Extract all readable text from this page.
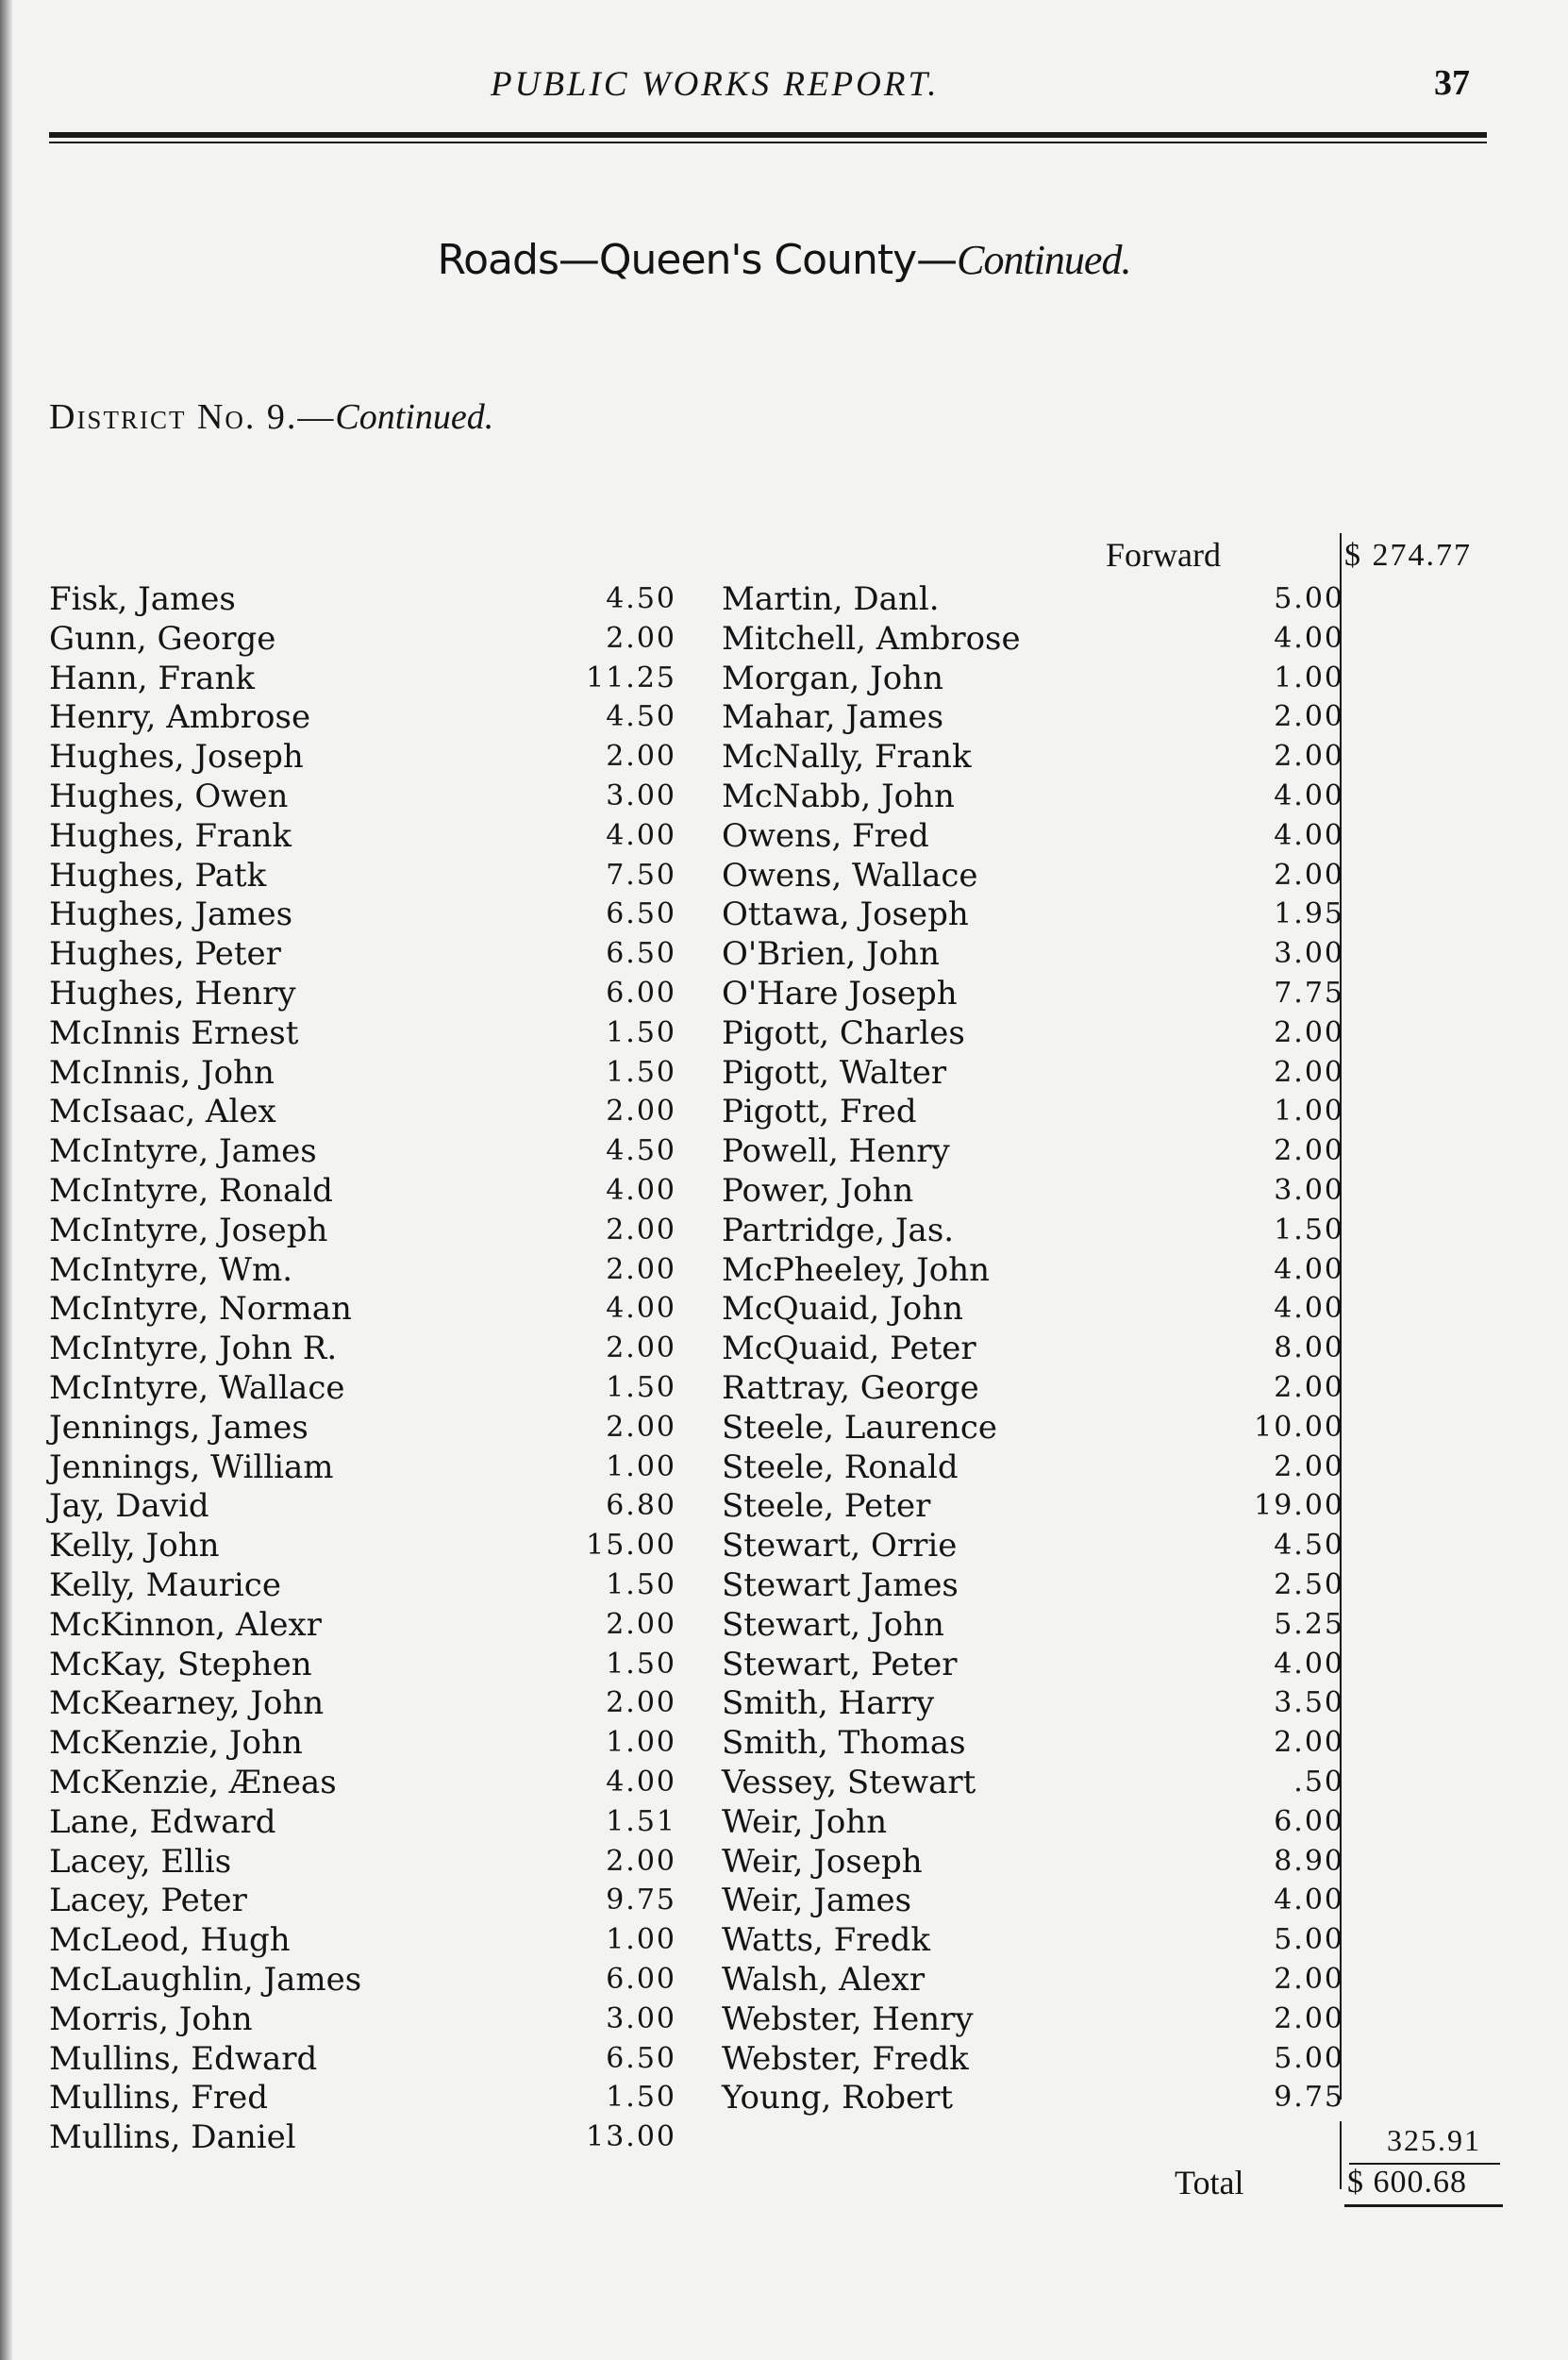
PUBLIC WORKS REPORT.	37
Roads—Queen's County—Continued.
District No. 9.—Continued.
Forward	$ 274.77
Fisk, James	4.50
Gunn, George	2.00
Hann, Frank	11.25
Henry, Ambrose	4.50
Hughes, Joseph	2.00
Hughes, Owen	3.00
Hughes, Frank	4.00
Hughes, Patk	7.50
Hughes, James	6.50
Hughes, Peter	6.50
Hughes, Henry	6.00
McInnis Ernest	1.50
McInnis, John	1.50
McIsaac, Alex	2.00
McIntyre, James	4.50
McIntyre, Ronald	4.00
McIntyre, Joseph	2.00
McIntyre, Wm.	2.00
McIntyre, Norman	4.00
McIntyre, John R.	2.00
McIntyre, Wallace	1.50
Jennings, James	2.00
Jennings, William	1.00
Jay, David	6.80
Kelly, John	15.00
Kelly, Maurice	1.50
McKinnon, Alexr	2.00
McKay, Stephen	1.50
McKearney, John	2.00
McKenzie, John	1.00
McKenzie, Æneas	4.00
Lane, Edward	1.51
Lacey, Ellis	2.00
Lacey, Peter	9.75
McLeod, Hugh	1.00
McLaughlin, James	6.00
Morris, John	3.00
Mullins, Edward	6.50
Mullins, Fred	1.50
Mullins, Daniel	13.00
Martin, Danl.	5.00
Mitchell, Ambrose	4.00
Morgan, John	1.00
Mahar, James	2.00
McNally, Frank	2.00
McNabb, John	4.00
Owens, Fred	4.00
Owens, Wallace	2.00
Ottawa, Joseph	1.95
O'Brien, John	3.00
O'Hare Joseph	7.75
Pigott, Charles	2.00
Pigott, Walter	2.00
Pigott, Fred	1.00
Powell, Henry	2.00
Power, John	3.00
Partridge, Jas.	1.50
McPheeley, John	4.00
McQuaid, John	4.00
McQuaid, Peter	8.00
Rattray, George	2.00
Steele, Laurence	10.00
Steele, Ronald	2.00
Steele, Peter	19.00
Stewart, Orrie	4.50
Stewart James	2.50
Stewart, John	5.25
Stewart, Peter	4.00
Smith, Harry	3.50
Smith, Thomas	2.00
Vessey, Stewart	.50
Weir, John	6.00
Weir, Joseph	8.90
Weir, James	4.00
Watts, Fredk	5.00
Walsh, Alexr	2.00
Webster, Henry	2.00
Webster, Fredk	5.00
Young, Robert	9.75
325.91
Total	$ 600.68
